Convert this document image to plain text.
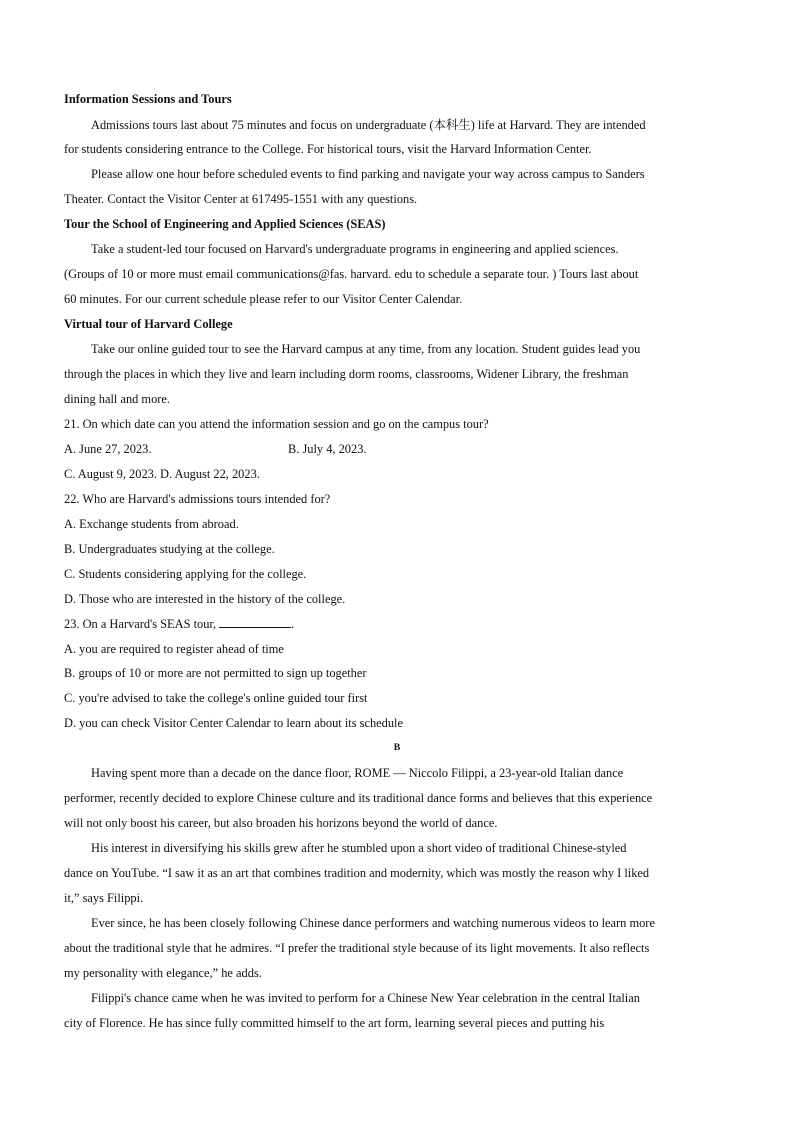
Information Sessions and Tours
Admissions tours last about 75 minutes and focus on undergraduate (本科生) life at Harvard. They are intended
for students considering entrance to the College. For historical tours, visit the Harvard Information Center.
Please allow one hour before scheduled events to find parking and navigate your way across campus to Sanders
Theater. Contact the Visitor Center at 617495-1551 with any questions.
Tour the School of Engineering and Applied Sciences (SEAS)
Take a student-led tour focused on Harvard's undergraduate programs in engineering and applied sciences.
(Groups of 10 or more must email communications@fas. harvard. edu to schedule a separate tour. ) Tours last about
60 minutes. For our current schedule please refer to our Visitor Center Calendar.
Virtual tour of Harvard College
Take our online guided tour to see the Harvard campus at any time, from any location. Student guides lead you
through the places in which they live and learn including dorm rooms, classrooms, Widener Library, the freshman
dining hall and more.
21. On which date can you attend the information session and go on the campus tour?
A. June 27, 2023.	B. July 4, 2023.
C. August 9, 2023. D. August 22, 2023.
22. Who are Harvard's admissions tours intended for?
A. Exchange students from abroad.
B. Undergraduates studying at the college.
C. Students considering applying for the college.
D. Those who are interested in the history of the college.
23. On a Harvard's SEAS tour,	.
A. you are required to register ahead of time
B. groups of 10 or more are not permitted to sign up together
C. you're advised to take the college's online guided tour first
D. you can check Visitor Center Calendar to learn about its schedule
B
Having spent more than a decade on the dance floor, ROME — Niccolo Filippi, a 23-year-old Italian dance
performer, recently decided to explore Chinese culture and its traditional dance forms and believes that this experience
will not only boost his career, but also broaden his horizons beyond the world of dance.
His interest in diversifying his skills grew after he stumbled upon a short video of traditional Chinese-styled
dance on YouTube. “I saw it as an art that combines tradition and modernity, which was mostly the reason why I liked
it,” says Filippi.
Ever since, he has been closely following Chinese dance performers and watching numerous videos to learn more
about the traditional style that he admires. “I prefer the traditional style because of its light movements. It also reflects
my personality with elegance,” he adds.
Filippi's chance came when he was invited to perform for a Chinese New Year celebration in the central Italian
city of Florence. He has since fully committed himself to the art form, learning several pieces and putting his
